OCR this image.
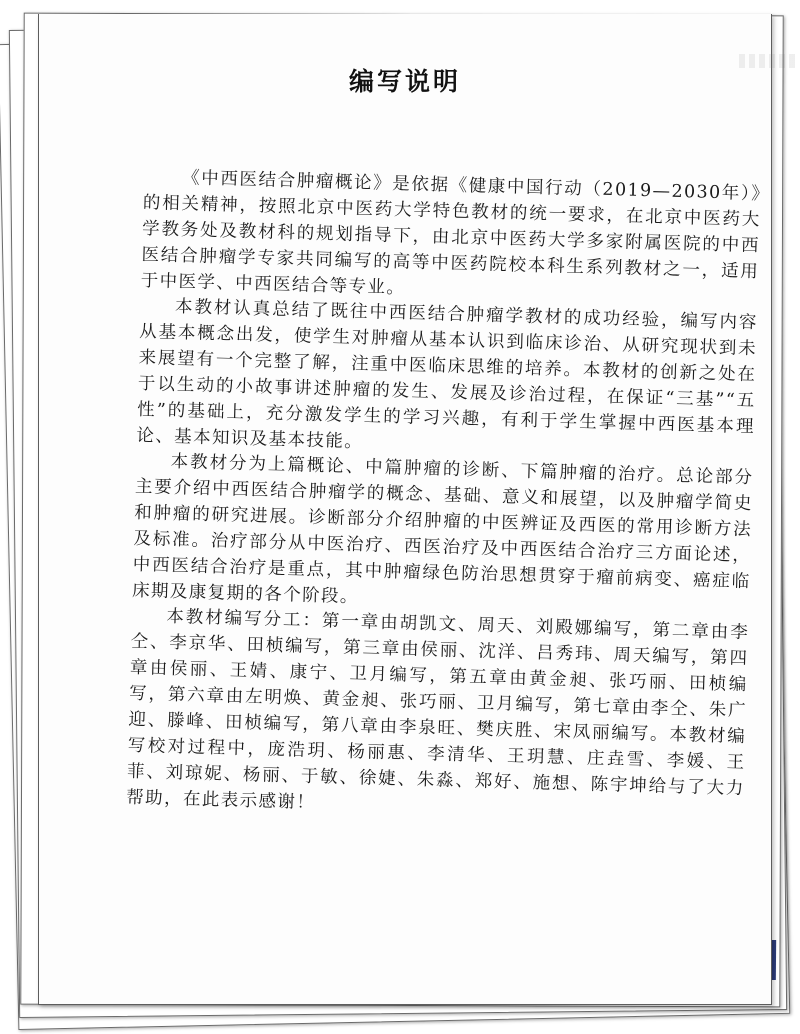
编写说明

《中西医结合肿瘤概论》是依据《健康中国行动（2019—2030年）》的相关精神，按照北京中医药大学特色教材的统一要求，在北京中医药大学教务处及教材科的规划指导下，由北京中医药大学多家附属医院的中西医结合肿瘤学专家共同编写的高等中医药院校本科生系列教材之一，适用于中医学、中西医结合等专业。

本教材认真总结了既往中西医结合肿瘤学教材的成功经验，编写内容从基本概念出发，使学生对肿瘤从基本认识到临床诊治、从研究现状到未来展望有一个完整了解，注重中医临床思维的培养。本教材的创新之处在于以生动的小故事讲述肿瘤的发生、发展及诊治过程，在保证“三基”“五性”的基础上，充分激发学生的学习兴趣，有利于学生掌握中西医基本理论、基本知识及基本技能。

本教材分为上篇概论、中篇肿瘤的诊断、下篇肿瘤的治疗。总论部分主要介绍中西医结合肿瘤学的概念、基础、意义和展望，以及肿瘤学简史和肿瘤的研究进展。诊断部分介绍肿瘤的中医辨证及西医的常用诊断方法及标准。治疗部分从中医治疗、西医治疗及中西医结合治疗三方面论述，中西医结合治疗是重点，其中肿瘤绿色防治思想贯穿于瘤前病变、癌症临床期及康复期的各个阶段。

本教材编写分工：第一章由胡凯文、周天、刘殿娜编写，第二章由李仝、李京华、田桢编写，第三章由侯丽、沈洋、吕秀玮、周天编写，第四章由侯丽、王婧、康宁、卫月编写，第五章由黄金昶、张巧丽、田桢编写，第六章由左明焕、黄金昶、张巧丽、卫月编写，第七章由李仝、朱广迎、滕峰、田桢编写，第八章由李泉旺、樊庆胜、宋凤丽编写。本教材编写校对过程中，庞浩玥、杨丽惠、李清华、王玥慧、庄垚雪、李媛、王菲、刘琼妮、杨丽、于敏、徐婕、朱淼、郑好、施想、陈宇坤给与了大力帮助，在此表示感谢！
